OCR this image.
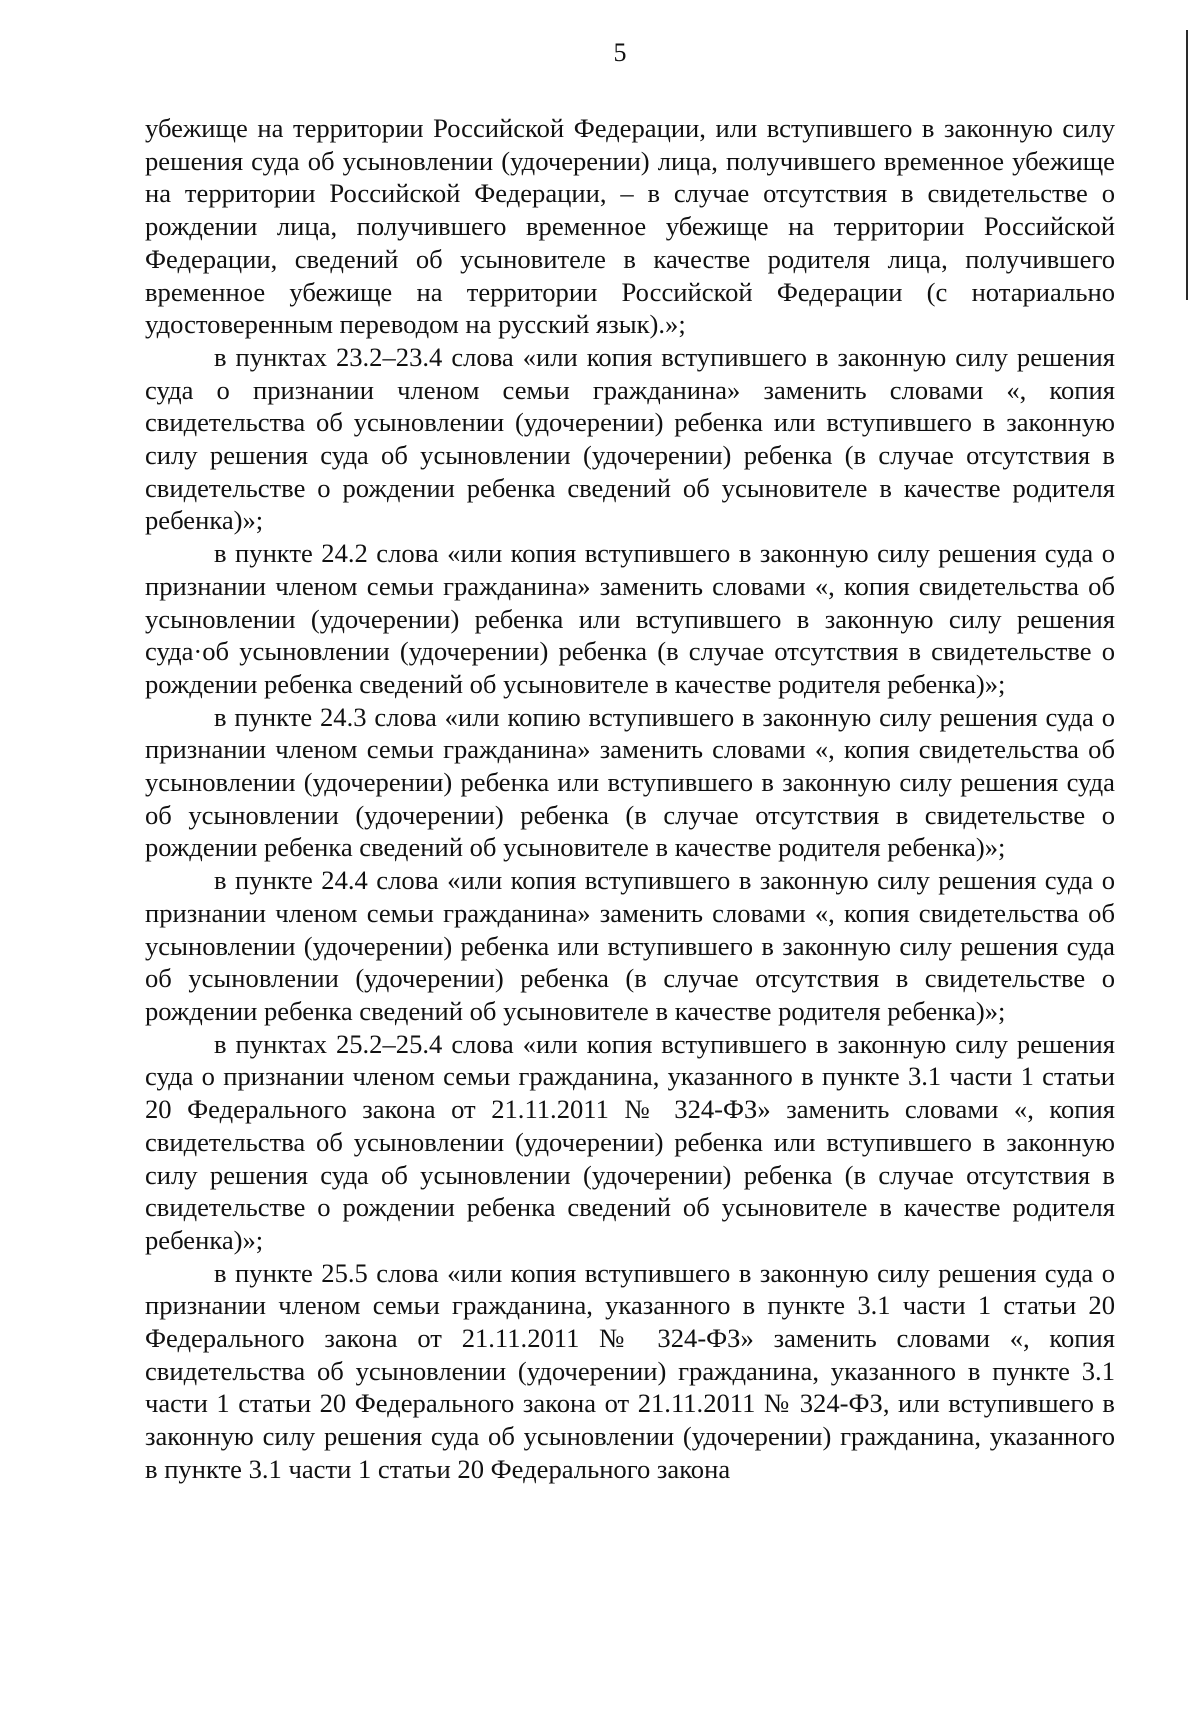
5

убежище на территории Российской Федерации, или вступившего в законную силу решения суда об усыновлении (удочерении) лица, получившего временное убежище на территории Российской Федерации, – в случае отсутствия в свидетельстве о рождении лица, получившего временное убежище на территории Российской Федерации, сведений об усыновителе в качестве родителя лица, получившего временное убежище на территории Российской Федерации (с нотариально удостоверенным переводом на русский язык).»;

в пунктах 23.2–23.4 слова «или копия вступившего в законную силу решения суда о признании членом семьи гражданина» заменить словами «, копия свидетельства об усыновлении (удочерении) ребенка или вступившего в законную силу решения суда об усыновлении (удочерении) ребенка (в случае отсутствия в свидетельстве о рождении ребенка сведений об усыновителе в качестве родителя ребенка)»;

в пункте 24.2 слова «или копия вступившего в законную силу решения суда о признании членом семьи гражданина» заменить словами «, копия свидетельства об усыновлении (удочерении) ребенка или вступившего в законную силу решения суда·об усыновлении (удочерении) ребенка (в случае отсутствия в свидетельстве о рождении ребенка сведений об усыновителе в качестве родителя ребенка)»;

в пункте 24.3 слова «или копию вступившего в законную силу решения суда о признании членом семьи гражданина» заменить словами «, копия свидетельства об усыновлении (удочерении) ребенка или вступившего в законную силу решения суда об усыновлении (удочерении) ребенка (в случае отсутствия в свидетельстве о рождении ребенка сведений об усыновителе в качестве родителя ребенка)»;

в пункте 24.4 слова «или копия вступившего в законную силу решения суда о признании членом семьи гражданина» заменить словами «, копия свидетельства об усыновлении (удочерении) ребенка или вступившего в законную силу решения суда об усыновлении (удочерении) ребенка (в случае отсутствия в свидетельстве о рождении ребенка сведений об усыновителе в качестве родителя ребенка)»;

в пунктах 25.2–25.4 слова «или копия вступившего в законную силу решения суда о признании членом семьи гражданина, указанного в пункте 3.1 части 1 статьи 20 Федерального закона от 21.11.2011 № 324-ФЗ» заменить словами «, копия свидетельства об усыновлении (удочерении) ребенка или вступившего в законную силу решения суда об усыновлении (удочерении) ребенка (в случае отсутствия в свидетельстве о рождении ребенка сведений об усыновителе в качестве родителя ребенка)»;

в пункте 25.5 слова «или копия вступившего в законную силу решения суда о признании членом семьи гражданина, указанного в пункте 3.1 части 1 статьи 20 Федерального закона от 21.11.2011 № 324-ФЗ» заменить словами «, копия свидетельства об усыновлении (удочерении) гражданина, указанного в пункте 3.1 части 1 статьи 20 Федерального закона от 21.11.2011 № 324-ФЗ, или вступившего в законную силу решения суда об усыновлении (удочерении) гражданина, указанного в пункте 3.1 части 1 статьи 20 Федерального закона
